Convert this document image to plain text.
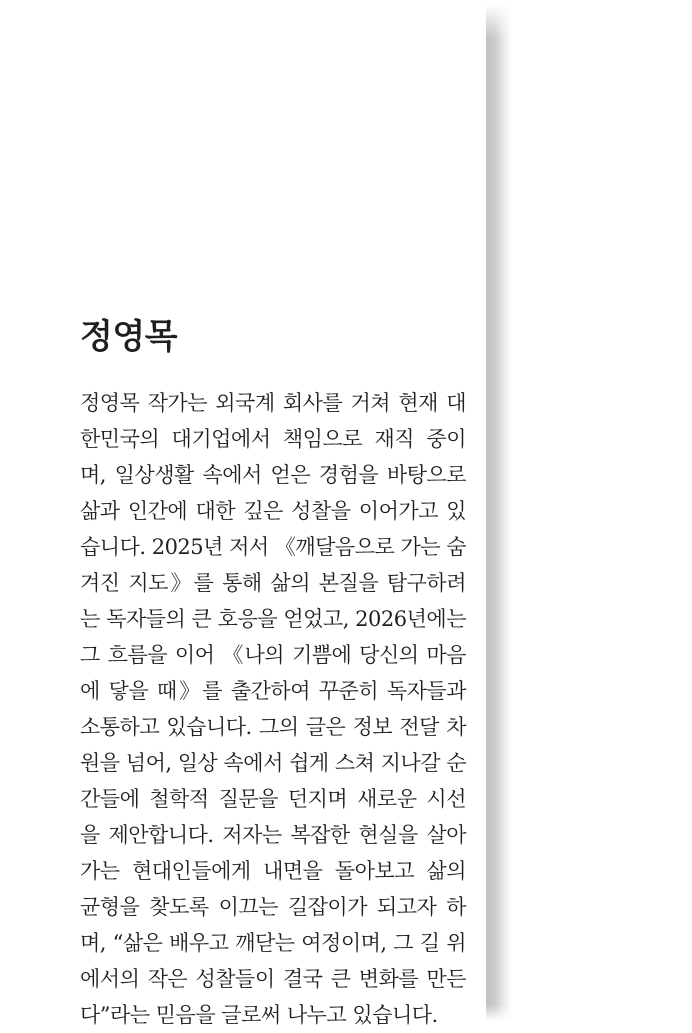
정영목

정영목 작가는 외국계 회사를 거쳐 현재 대한민국의 대기업에서 책임으로 재직 중이며, 일상생활 속에서 얻은 경험을 바탕으로 삶과 인간에 대한 깊은 성찰을 이어가고 있습니다. 2025년 저서 《깨달음으로 가는 숨겨진 지도》를 통해 삶의 본질을 탐구하려는 독자들의 큰 호응을 얻었고, 2026년에는 그 흐름을 이어 《나의 기쁨에 당신의 마음에 닿을 때》를 출간하여 꾸준히 독자들과 소통하고 있습니다. 그의 글은 정보 전달 차원을 넘어, 일상 속에서 쉽게 스쳐 지나갈 순간들에 철학적 질문을 던지며 새로운 시선을 제안합니다. 저자는 복잡한 현실을 살아가는 현대인들에게 내면을 돌아보고 삶의 균형을 찾도록 이끄는 길잡이가 되고자 하며, “삶은 배우고 깨닫는 여정이며, 그 길 위에서의 작은 성찰들이 결국 큰 변화를 만든다”라는 믿음을 글로써 나누고 있습니다.
